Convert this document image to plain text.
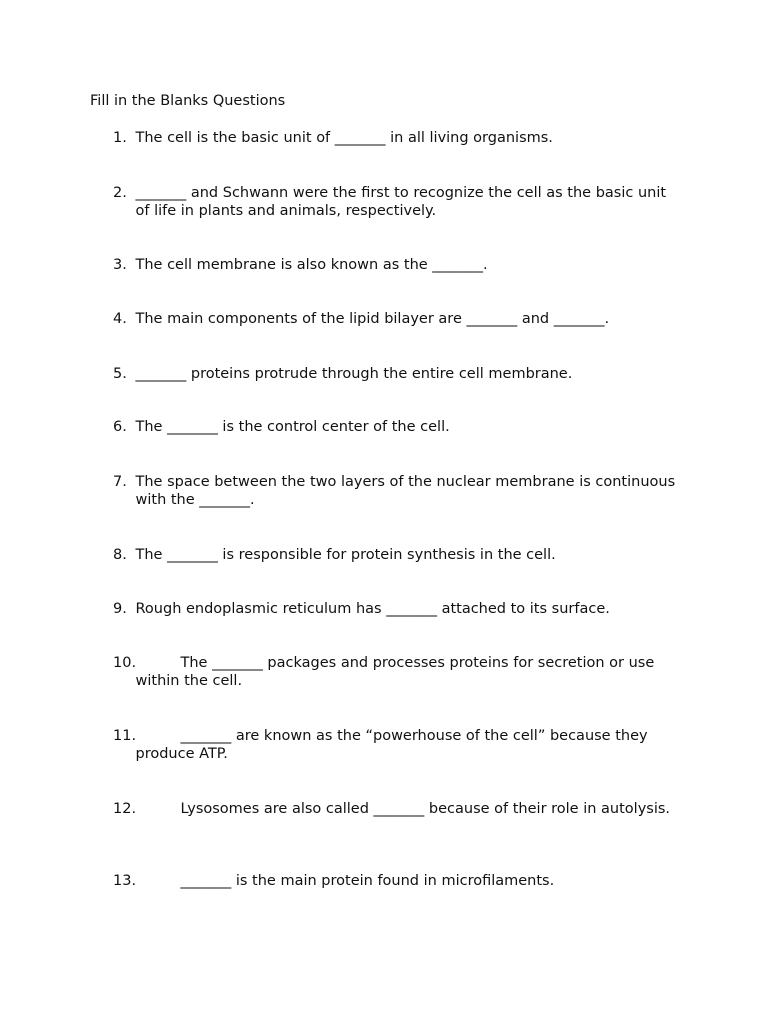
Fill in the Blanks Questions
1. The cell is the basic unit of _______ in all living organisms.
2. _______ and Schwann were the first to recognize the cell as the basic unit of life in plants and animals, respectively.
3. The cell membrane is also known as the _______.
4. The main components of the lipid bilayer are _______ and _______.
5. _______ proteins protrude through the entire cell membrane.
6. The _______ is the control center of the cell.
7. The space between the two layers of the nuclear membrane is continuous with the _______.
8. The _______ is responsible for protein synthesis in the cell.
9. Rough endoplasmic reticulum has _______ attached to its surface.
10.	The _______ packages and processes proteins for secretion or use within the cell.
11.	_______ are known as the “powerhouse of the cell” because they produce ATP.
12.	Lysosomes are also called _______ because of their role in autolysis.
13.	_______ is the main protein found in microfilaments.
